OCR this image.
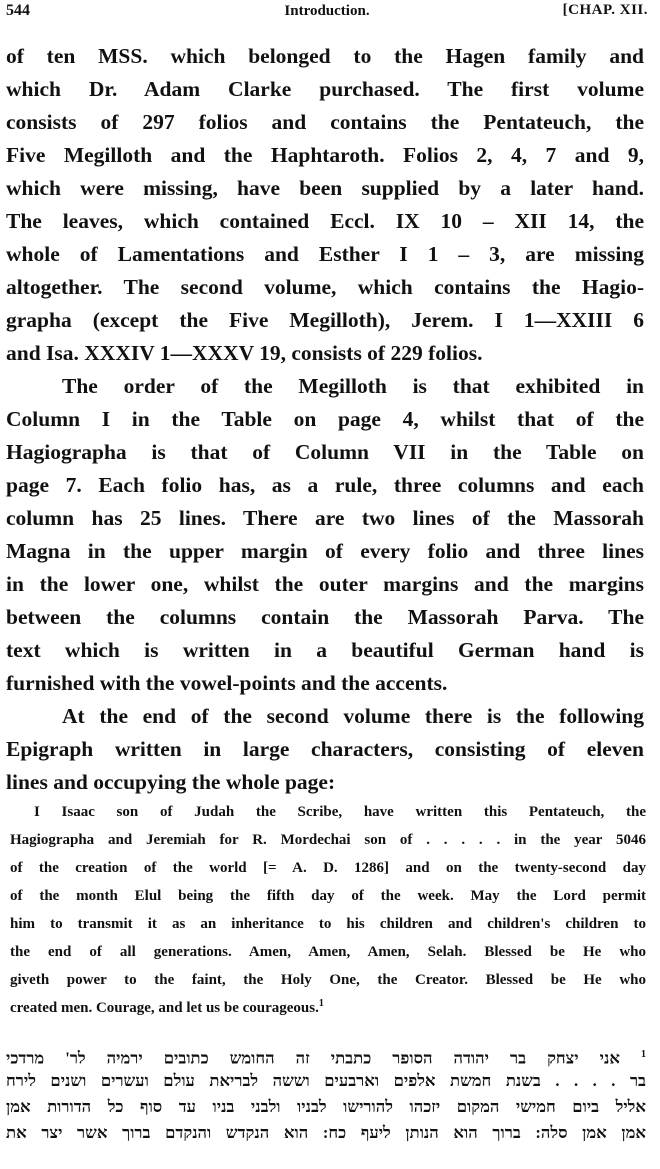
544	Introduction.	[CHAP. XII.
of ten MSS. which belonged to the Hagen family and
which Dr. Adam Clarke purchased. The first volume
consists of 297 folios and contains the Pentateuch, the
Five Megilloth and the Haphtaroth. Folios 2, 4, 7 and 9,
which were missing, have been supplied by a later hand.
The leaves, which contained Eccl. IX 10 – XII 14, the
whole of Lamentations and Esther I 1 – 3, are missing
altogether. The second volume, which contains the Hagio-
grapha (except the Five Megilloth), Jerem. I 1—XXIII 6
and Isa. XXXIV 1—XXXV 19, consists of 229 folios.
The order of the Megilloth is that exhibited in
Column I in the Table on page 4, whilst that of the
Hagiographa is that of Column VII in the Table on
page 7. Each folio has, as a rule, three columns and each
column has 25 lines. There are two lines of the Massorah
Magna in the upper margin of every folio and three lines
in the lower one, whilst the outer margins and the margins
between the columns contain the Massorah Parva. The
text which is written in a beautiful German hand is
furnished with the vowel-points and the accents.
At the end of the second volume there is the following
Epigraph written in large characters, consisting of eleven
lines and occupying the whole page:
I Isaac son of Judah the Scribe, have written this Pentateuch, the
Hagiographa and Jeremiah for R. Mordechai son of . . . . . in the year 5046
of the creation of the world [= A. D. 1286] and on the twenty-second day
of the month Elul being the fifth day of the week. May the Lord permit
him to transmit it as an inheritance to his children and children's children to
the end of all generations. Amen, Amen, Amen, Selah. Blessed be He who
giveth power to the faint, the Holy One, the Creator. Blessed be He who
created men. Courage, and let us be courageous.$^1$
$^1$ אני יצחק בר יהודה הסופר כתבתי זה החומש כתובים ירמיה לר' מרדכי
בר . . . . בשנת חמשת אלפים וארבעים וששה לבריאת עולם ועשרים ושנים לירח
אליל ביום חמישי המקום יזכהו להורישו לבניו ולבני בניו עד סוף כל הדורות אמן
אמן אמן סלה: ברוך הוא הנותן ליעף כח: הוא הנקדש והנקדם ברוך אשר יצר את
